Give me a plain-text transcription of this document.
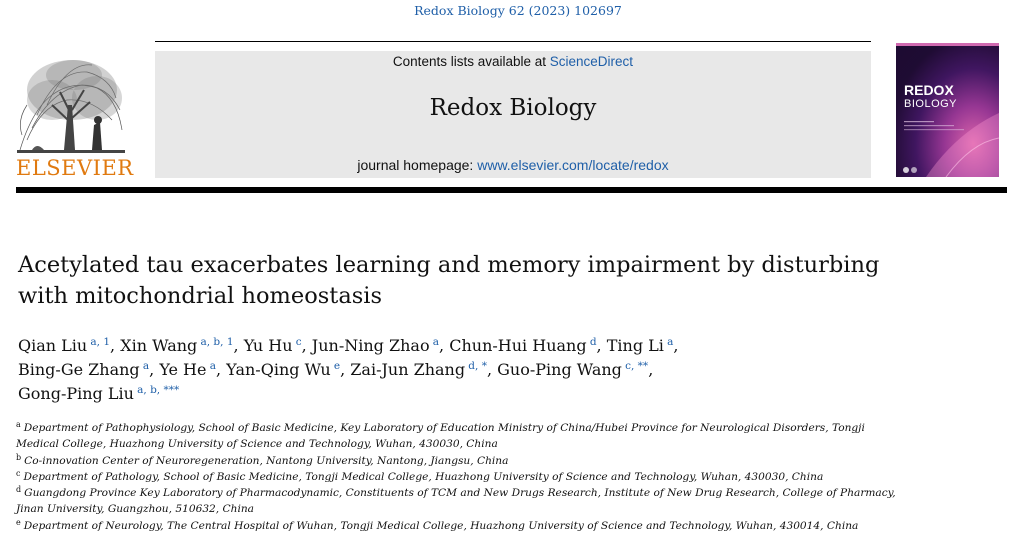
Redox Biology 62 (2023) 102697
ELSEVIER
Contents lists available at ScienceDirect
Redox Biology
journal homepage: www.elsevier.com/locate/redox
REDOX
BIOLOGY
Acetylated tau exacerbates learning and memory impairment by disturbing
with mitochondrial homeostasis
Qian Liu  $^{a, 1}$, Xin Wang  $^{a, b, 1}$, Yu Hu  $^c$, Jun-Ning Zhao  $^a$, Chun-Hui Huang  $^d$, Ting Li  $^a$,
Bing-Ge Zhang  $^a$, Ye He  $^a$, Yan-Qing Wu  $^e$, Zai-Jun Zhang  $^{d, *}$, Guo-Ping Wang  $^{c, **}$,
Gong-Ping Liu  $^{a, b, ***}$
$^a$ Department of Pathophysiology, School of Basic Medicine, Key Laboratory of Education Ministry of China/Hubei Province for Neurological Disorders, Tongji Medical College, Huazhong University of Science and Technology, Wuhan, 430030, China
$^b$ Co-innovation Center of Neuroregeneration, Nantong University, Nantong, Jiangsu, China
$^c$ Department of Pathology, School of Basic Medicine, Tongji Medical College, Huazhong University of Science and Technology, Wuhan, 430030, China
$^d$ Guangdong Province Key Laboratory of Pharmacodynamic, Constituents of TCM and New Drugs Research, Institute of New Drug Research, College of Pharmacy, Jinan University, Guangzhou, 510632, China
$^e$ Department of Neurology, The Central Hospital of Wuhan, Tongji Medical College, Huazhong University of Science and Technology, Wuhan, 430014, China
